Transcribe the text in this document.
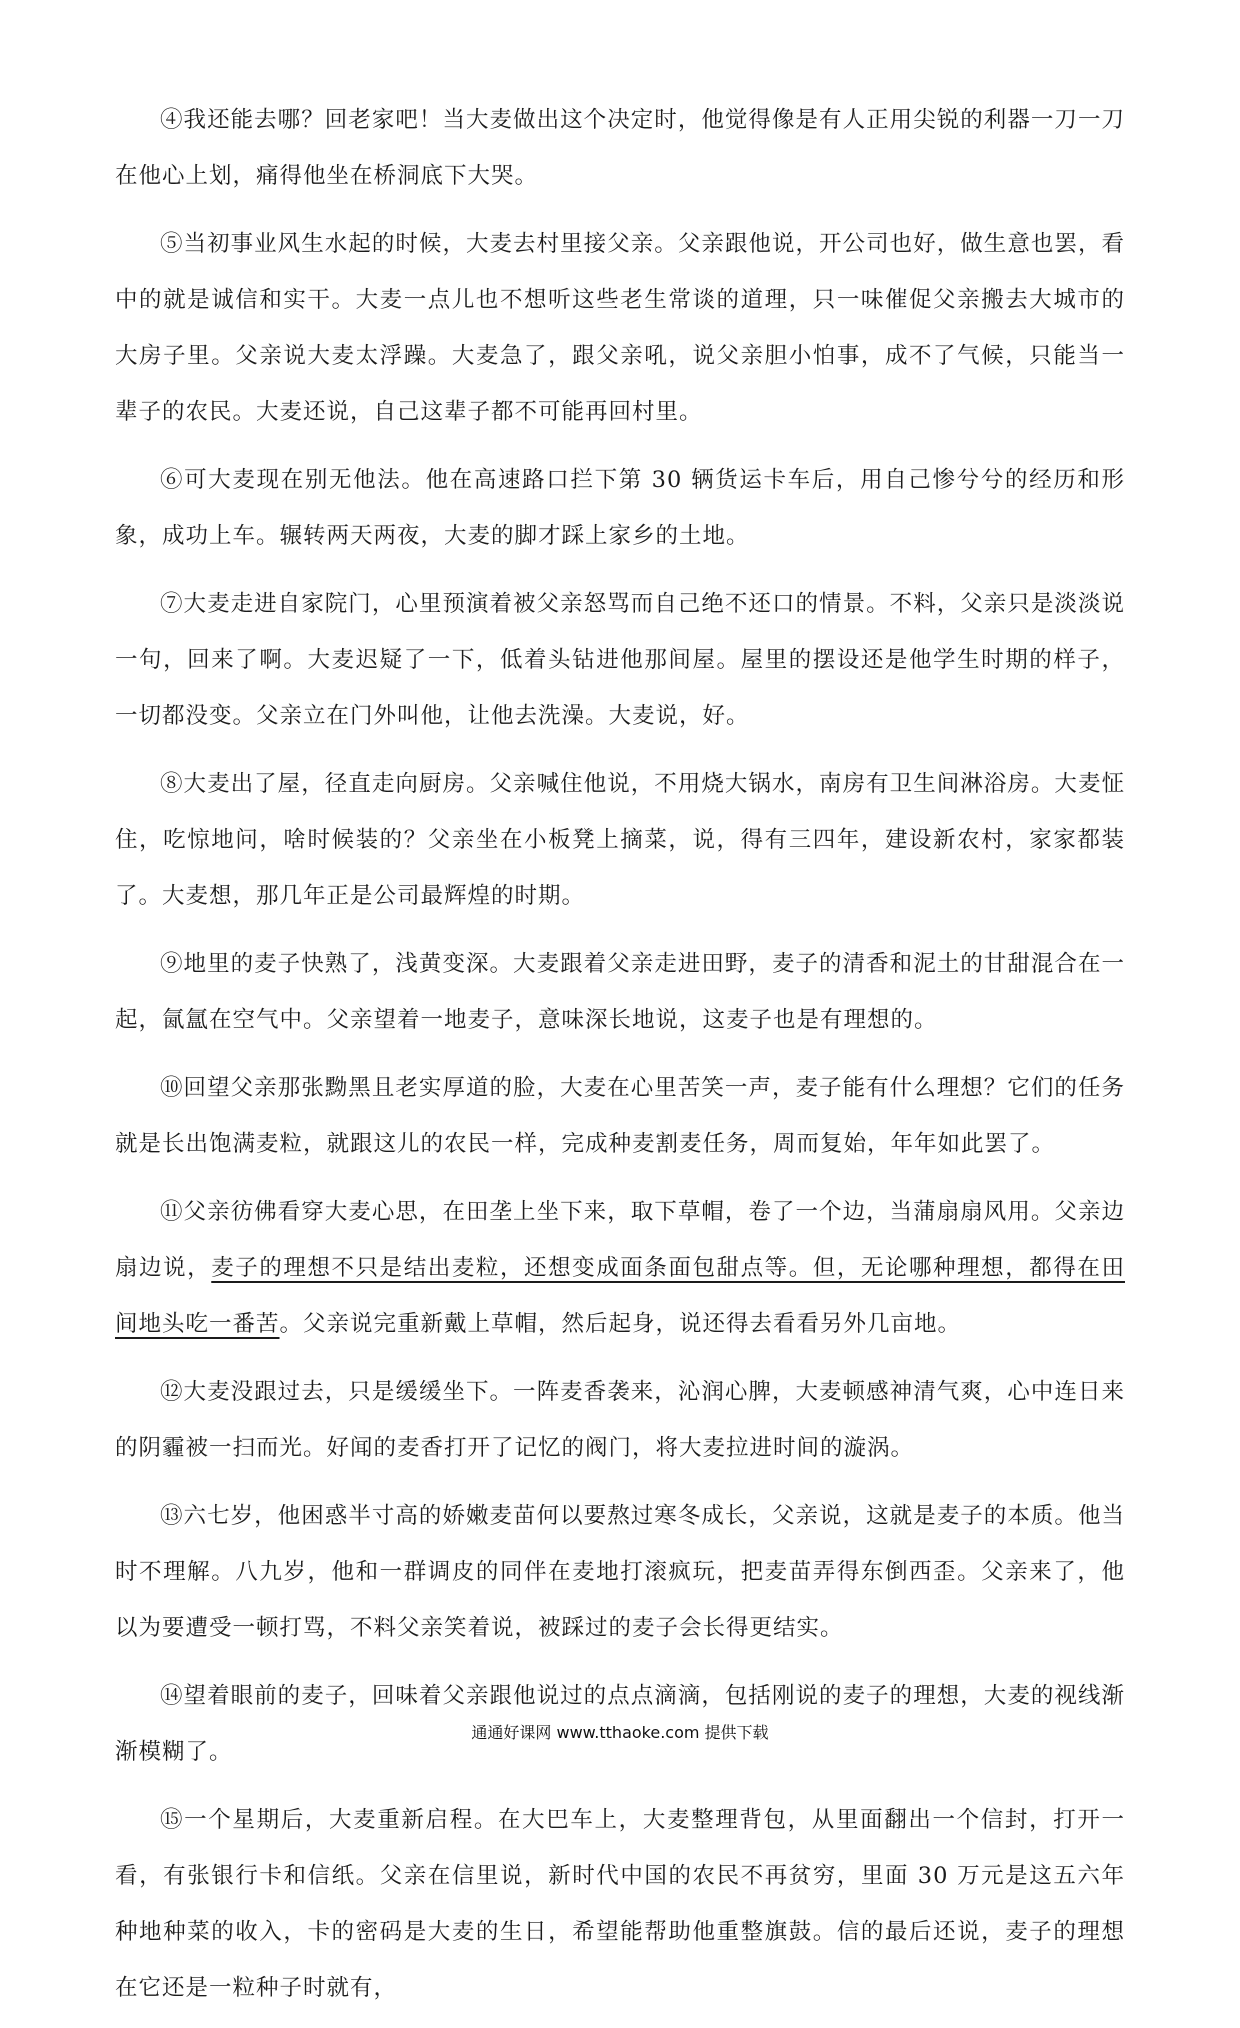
④我还能去哪？回老家吧！当大麦做出这个决定时，他觉得像是有人正用尖锐的利器一刀一刀在他心上划，痛得他坐在桥洞底下大哭。

⑤当初事业风生水起的时候，大麦去村里接父亲。父亲跟他说，开公司也好，做生意也罢，看中的就是诚信和实干。大麦一点儿也不想听这些老生常谈的道理，只一味催促父亲搬去大城市的大房子里。父亲说大麦太浮躁。大麦急了，跟父亲吼，说父亲胆小怕事，成不了气候，只能当一辈子的农民。大麦还说，自己这辈子都不可能再回村里。

⑥可大麦现在别无他法。他在高速路口拦下第 30 辆货运卡车后，用自己惨兮兮的经历和形象，成功上车。辗转两天两夜，大麦的脚才踩上家乡的土地。

⑦大麦走进自家院门，心里预演着被父亲怒骂而自己绝不还口的情景。不料，父亲只是淡淡说一句，回来了啊。大麦迟疑了一下，低着头钻进他那间屋。屋里的摆设还是他学生时期的样子，一切都没变。父亲立在门外叫他，让他去洗澡。大麦说，好。

⑧大麦出了屋，径直走向厨房。父亲喊住他说，不用烧大锅水，南房有卫生间淋浴房。大麦怔住，吃惊地问，啥时候装的？父亲坐在小板凳上摘菜，说，得有三四年，建设新农村，家家都装了。大麦想，那几年正是公司最辉煌的时期。

⑨地里的麦子快熟了，浅黄变深。大麦跟着父亲走进田野，麦子的清香和泥土的甘甜混合在一起，氤氲在空气中。父亲望着一地麦子，意味深长地说，这麦子也是有理想的。

⑩回望父亲那张黝黑且老实厚道的脸，大麦在心里苦笑一声，麦子能有什么理想？它们的任务就是长出饱满麦粒，就跟这儿的农民一样，完成种麦割麦任务，周而复始，年年如此罢了。

⑪父亲彷佛看穿大麦心思，在田垄上坐下来，取下草帽，卷了一个边，当蒲扇扇风用。父亲边扇边说，麦子的理想不只是结出麦粒，还想变成面条面包甜点等。但，无论哪种理想，都得在田间地头吃一番苦。父亲说完重新戴上草帽，然后起身，说还得去看看另外几亩地。

⑫大麦没跟过去，只是缓缓坐下。一阵麦香袭来，沁润心脾，大麦顿感神清气爽，心中连日来的阴霾被一扫而光。好闻的麦香打开了记忆的阀门，将大麦拉进时间的漩涡。

⑬六七岁，他困惑半寸高的娇嫩麦苗何以要熬过寒冬成长，父亲说，这就是麦子的本质。他当时不理解。八九岁，他和一群调皮的同伴在麦地打滚疯玩，把麦苗弄得东倒西歪。父亲来了，他以为要遭受一顿打骂，不料父亲笑着说，被踩过的麦子会长得更结实。

⑭望着眼前的麦子，回味着父亲跟他说过的点点滴滴，包括刚说的麦子的理想，大麦的视线渐渐模糊了。

⑮一个星期后，大麦重新启程。在大巴车上，大麦整理背包，从里面翻出一个信封，打开一看，有张银行卡和信纸。父亲在信里说，新时代中国的农民不再贫穷，里面 30 万元是这五六年种地种菜的收入，卡的密码是大麦的生日，希望能帮助他重整旗鼓。信的最后还说，麦子的理想在它还是一粒种子时就有，

通通好课网 www.tthaoke.com 提供下载
